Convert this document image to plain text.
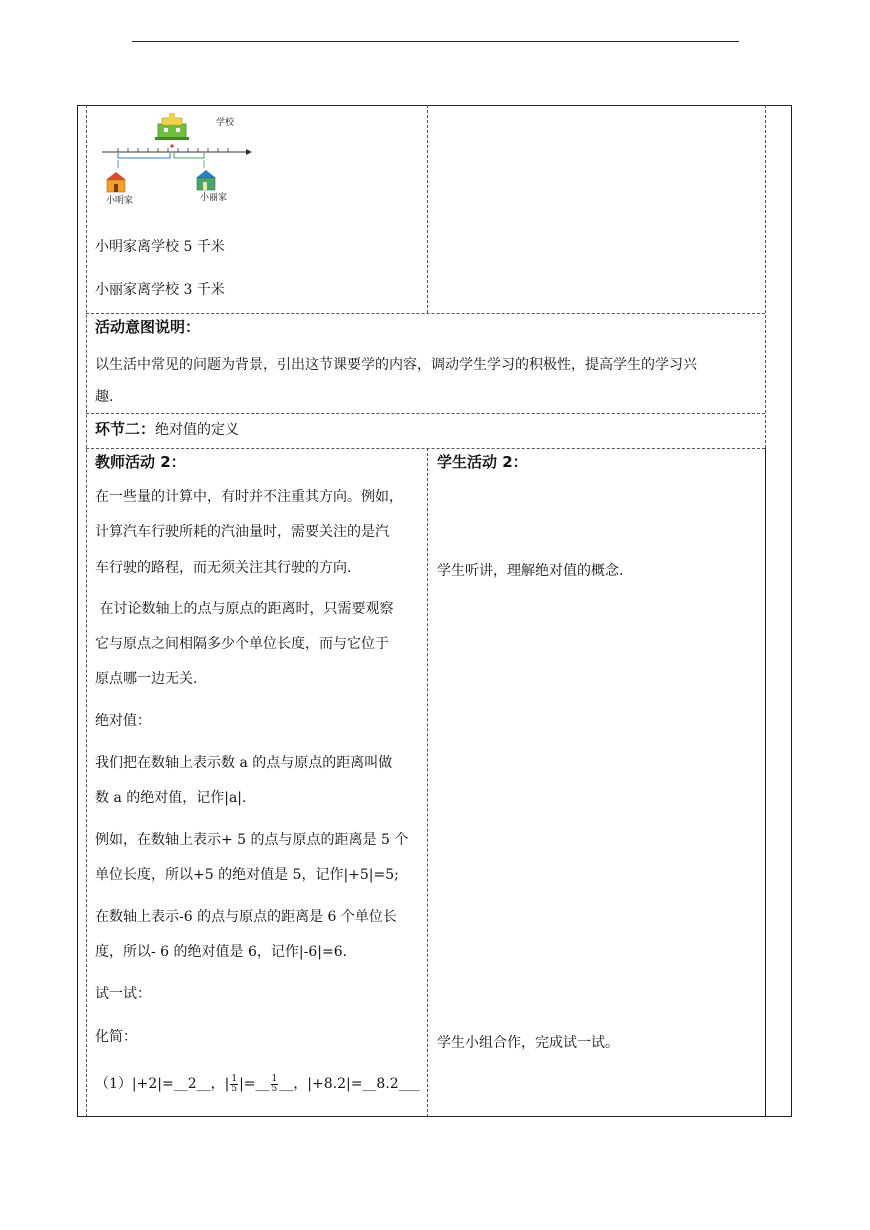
学校
小明家	小丽家
小明家离学校 5 千米
小丽家离学校 3 千米
活动意图说明：
以生活中常见的问题为背景，引出这节课要学的内容，调动学生学习的积极性，提高学生的学习兴
趣.
环节二：绝对值的定义
教师活动 2：	学生活动 2：
在一些量的计算中，有时并不注重其方向。例如，
计算汽车行驶所耗的汽油量时，需要关注的是汽
车行驶的路程，而无须关注其行驶的方向.	学生听讲，理解绝对值的概念.
在讨论数轴上的点与原点的距离时，只需要观察
它与原点之间相隔多少个单位长度，而与它位于
原点哪一边无关.
绝对值：
我们把在数轴上表示数 a 的点与原点的距离叫做
数 a 的绝对值，记作|a|.
例如，在数轴上表示+ 5 的点与原点的距离是 5 个
单位长度，所以+5 的绝对值是 5，记作|+5|=5;
在数轴上表示-6 的点与原点的距离是 6 个单位长
度，所以- 6 的绝对值是 6，记作|-6|=6.
试一试：
化简：	学生小组合作，完成试一试。
（1）|+2|=__2__，| $\frac{1}{5}$ |=__ $\frac{1}{5}$ __，|+8.2|=__8.2___
